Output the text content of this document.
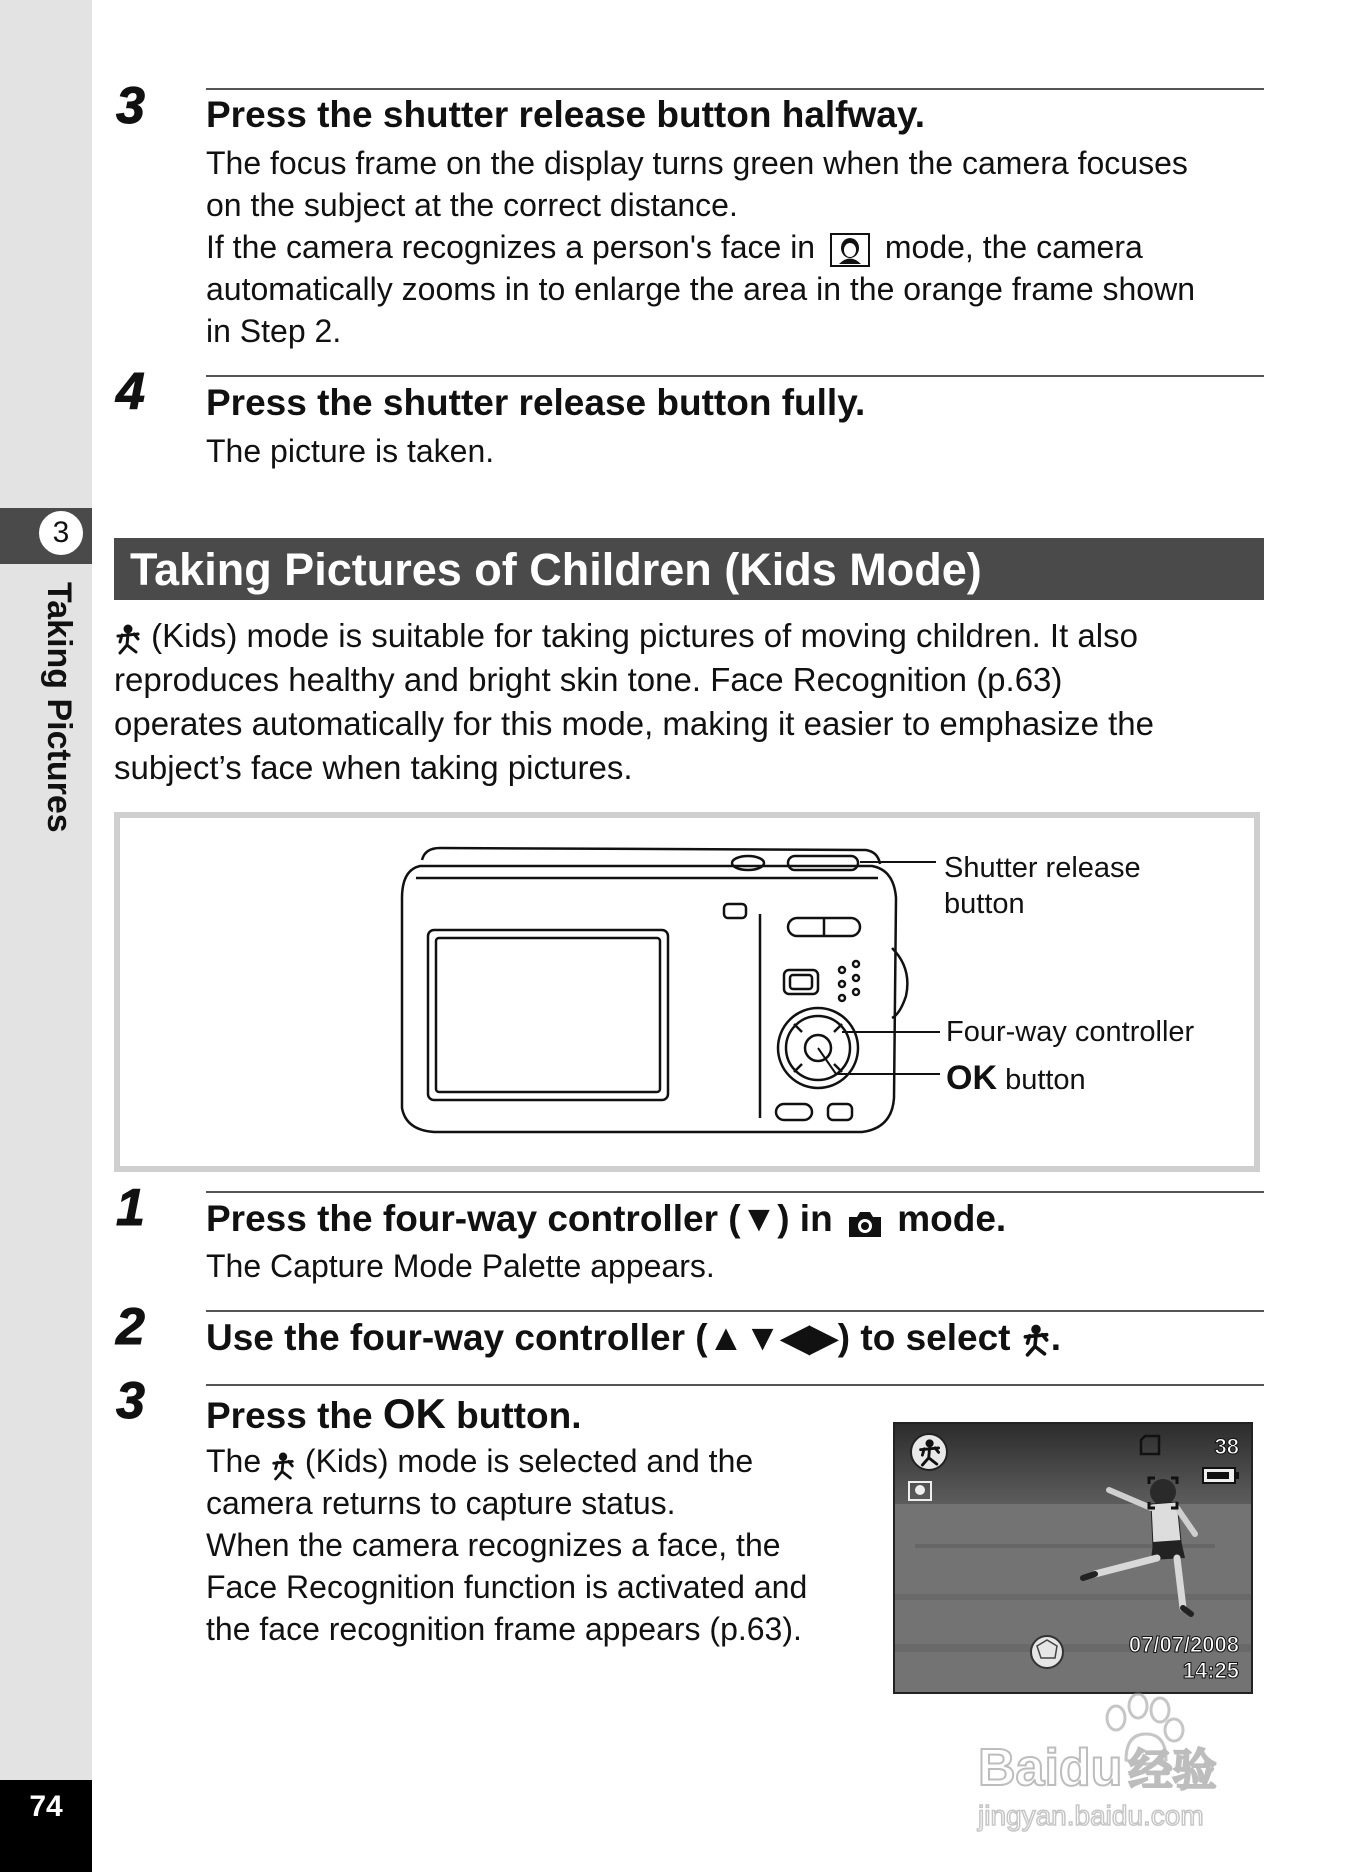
3
Taking Pictures
74
3 Press the shutter release button halfway.
The focus frame on the display turns green when the camera focuses
on the subject at the correct distance.
If the camera recognizes a person's face in mode, the camera
automatically zooms in to enlarge the area in the orange frame shown
in Step 2.
4 Press the shutter release button fully.
The picture is taken.
Taking Pictures of Children (Kids Mode)
(Kids) mode is suitable for taking pictures of moving children. It also
reproduces healthy and bright skin tone. Face Recognition (p.63)
operates automatically for this mode, making it easier to emphasize the
subject’s face when taking pictures.
Shutter release
button
Four-way controller
OK button
1 Press the four-way controller (▼) in mode.
The Capture Mode Palette appears.
2 Use the four-way controller (▲▼◀▶) to select .
3 Press the OK button.
The (Kids) mode is selected and the
camera returns to capture status.
When the camera recognizes a face, the
Face Recognition function is activated and
the face recognition frame appears (p.63).
38
07/07/2008
14:25
Baidu 经验
jingyan.baidu.com
